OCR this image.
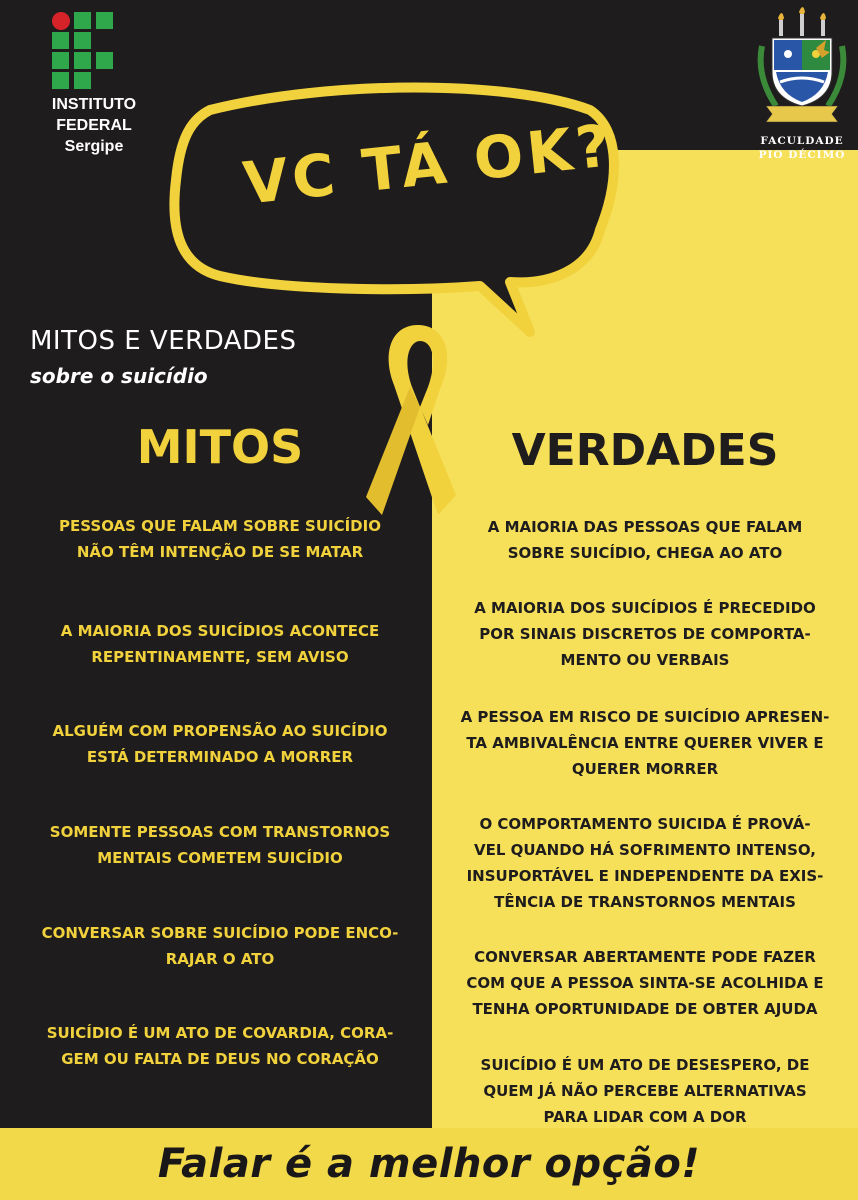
INSTITUTO
FEDERAL
Sergipe	FACULDADE
PIO DÉCIMO
VC TÁ OK?
MITOS E VERDADES
sobre o suicídio
MITOS	VERDADES
PESSOAS QUE FALAM SOBRE SUICÍDIO
NÃO TÊM INTENÇÃO DE SE MATAR
A MAIORIA DOS SUICÍDIOS ACONTECE
REPENTINAMENTE, SEM AVISO
ALGUÉM COM PROPENSÃO AO SUICÍDIO
ESTÁ DETERMINADO A MORRER
SOMENTE PESSOAS COM TRANSTORNOS
MENTAIS COMETEM SUICÍDIO
CONVERSAR SOBRE SUICÍDIO PODE ENCO-
RAJAR O ATO
SUICÍDIO É UM ATO DE COVARDIA, CORA-
GEM OU FALTA DE DEUS NO CORAÇÃO
A MAIORIA DAS PESSOAS QUE FALAM
SOBRE SUICÍDIO, CHEGA AO ATO
A MAIORIA DOS SUICÍDIOS É PRECEDIDO
POR SINAIS DISCRETOS DE COMPORTA-
MENTO OU VERBAIS
A PESSOA EM RISCO DE SUICÍDIO APRESEN-
TA AMBIVALÊNCIA ENTRE QUERER VIVER E
QUERER MORRER
O COMPORTAMENTO SUICIDA É PROVÁ-
VEL QUANDO HÁ SOFRIMENTO INTENSO,
INSUPORTÁVEL E INDEPENDENTE DA EXIS-
TÊNCIA DE TRANSTORNOS MENTAIS
CONVERSAR ABERTAMENTE PODE FAZER
COM QUE A PESSOA SINTA-SE ACOLHIDA E
TENHA OPORTUNIDADE DE OBTER AJUDA
SUICÍDIO É UM ATO DE DESESPERO, DE
QUEM JÁ NÃO PERCEBE ALTERNATIVAS
PARA LIDAR COM A DOR
Falar é a melhor opção!
